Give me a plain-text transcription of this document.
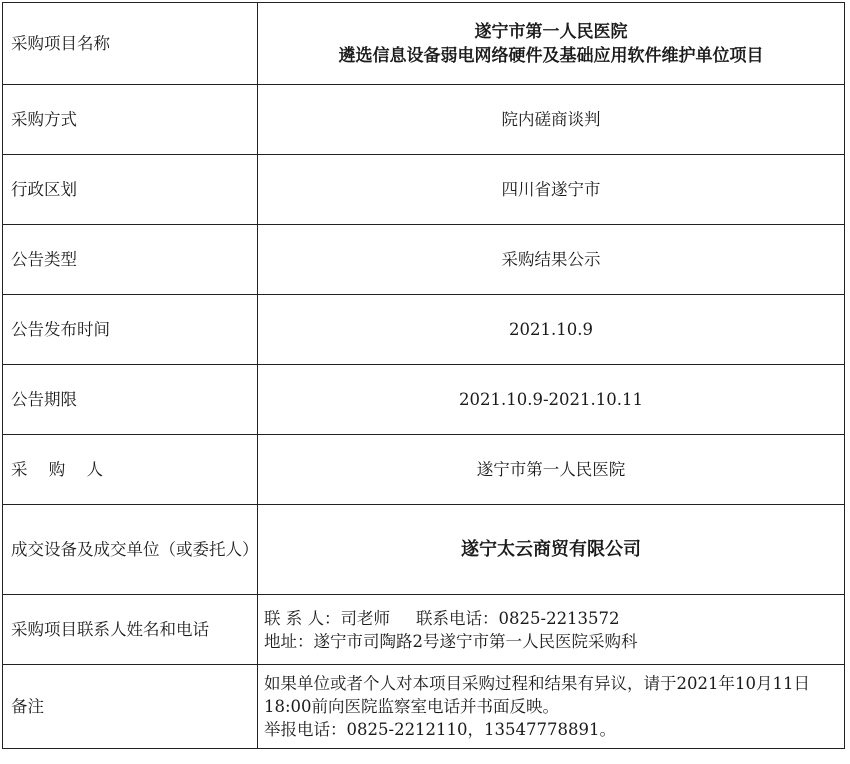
采购项目名称	遂宁市第一人民医院
遴选信息设备弱电网络硬件及基础应用软件维护单位项目

采购方式	院内磋商谈判
行政区划	四川省遂宁市
公告类型	采购结果公示
公告发布时间	2021.10.9
公告期限	2021.10.9-2021.10.11
采 购 人	遂宁市第一人民医院
成交设备及成交单位（或委托人）	遂宁太云商贸有限公司
采购项目联系人姓名和电话	联 系 人：司老师 联系电话：0825-2213572
地址：遂宁市司陶路2号遂宁市第一人民医院采购科

备注	如果单位或者个人对本项目采购过程和结果有异议，请于2021年10月11日18:00前向医院监察室电话并书面反映。
举报电话：0825-2212110，13547778891。
